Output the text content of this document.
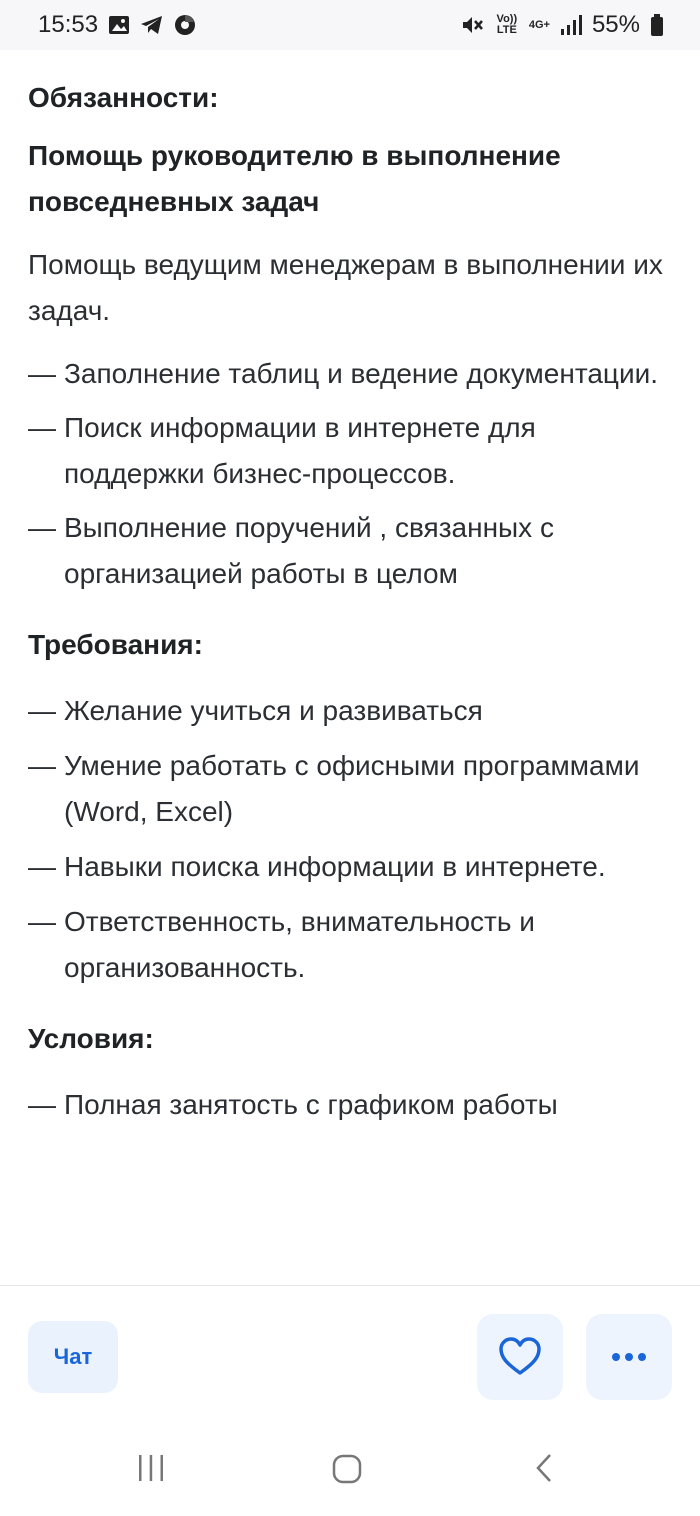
15:53	Vo)) LTE 4G+ 55%
Обязанности:
Помощь руководителю в выполнение повседневных задач
Помощь ведущим менеджерам в выполнении их задач.
— Заполнение таблиц и ведение документации.
— Поиск информации в интернете для поддержки бизнес-процессов.
— Выполнение поручений , связанных с организацией работы в целом
Требования:
— Желание учиться и развиваться
— Умение работать с офисными программами (Word, Excel)
— Навыки поиска информации в интернете.
— Ответственность, внимательность и организованность.
Условия:
— Полная занятость с графиком работы
Чат
